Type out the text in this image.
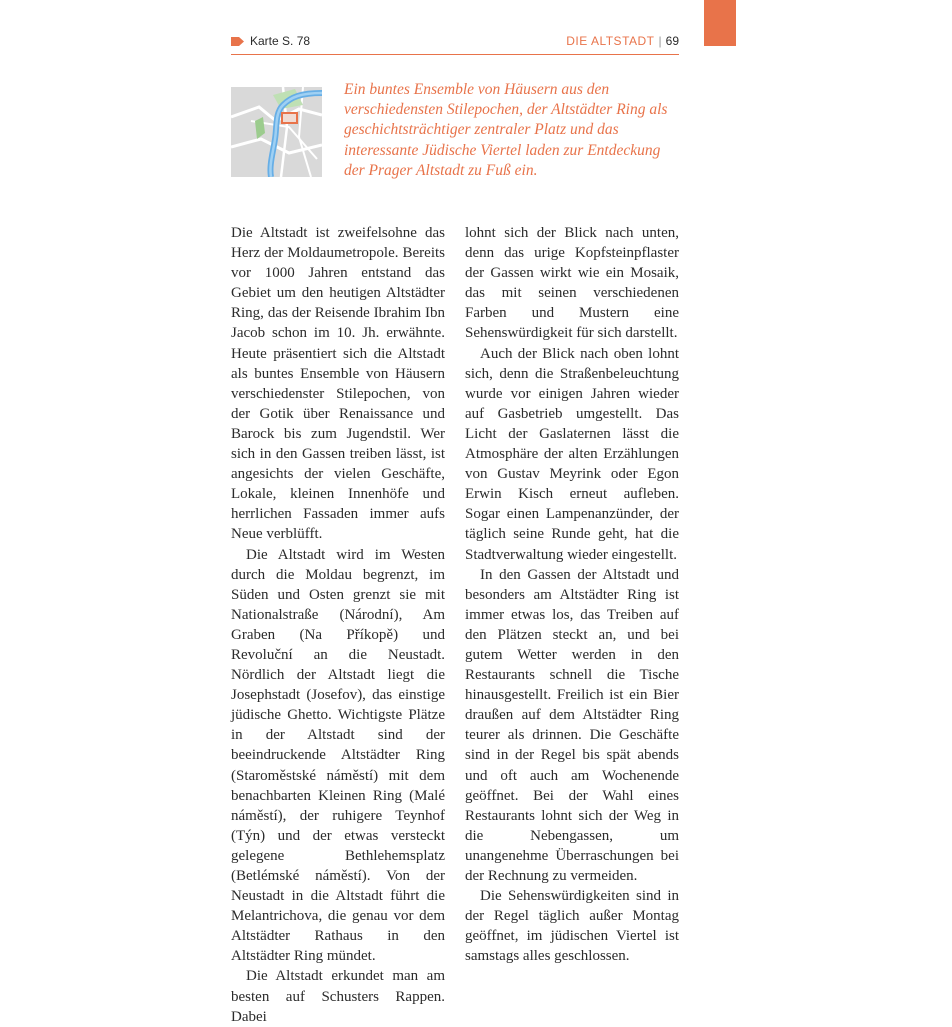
Karte S. 78	DIE ALTSTADT | 69
Ein buntes Ensemble von Häusern aus den verschiedensten Stilepochen, der Altstädter Ring als geschichtsträchtiger zentraler Platz und das interessante Jüdische Viertel laden zur Entdeckung der Prager Altstadt zu Fuß ein.

Die Altstadt ist zweifelsohne das Herz der Moldaumetropole. Bereits vor 1000 Jahren entstand das Gebiet um den heutigen Altstädter Ring, das der Reisende Ibrahim Ibn Jacob schon im 10. Jh. erwähnte. Heute präsentiert sich die Altstadt als buntes Ensemble von Häusern verschiedenster Stilepochen, von der Gotik über Renaissance und Barock bis zum Jugendstil. Wer sich in den Gassen treiben lässt, ist angesichts der vielen Geschäfte, Lokale, kleinen Innenhöfe und herrlichen Fassaden immer aufs Neue verblüfft.

Die Altstadt wird im Westen durch die Moldau begrenzt, im Süden und Osten grenzt sie mit Nationalstraße (Národní), Am Graben (Na Příkopě) und Revoluční an die Neustadt. Nördlich der Altstadt liegt die Josephstadt (Josefov), das einstige jüdische Ghetto. Wichtigste Plätze in der Altstadt sind der beeindruckende Altstädter Ring (Staroměstské náměstí) mit dem benachbarten Kleinen Ring (Malé náměstí), der ruhigere Teynhof (Týn) und der etwas versteckt gelegene Bethlehemsplatz (Betlémské náměstí). Von der Neustadt in die Altstadt führt die Melantrichova, die genau vor dem Altstädter Rathaus in den Altstädter Ring mündet.

Die Altstadt erkundet man am besten auf Schusters Rappen. Dabei

lohnt sich der Blick nach unten, denn das urige Kopfsteinpflaster der Gassen wirkt wie ein Mosaik, das mit seinen verschiedenen Farben und Mustern eine Sehenswürdigkeit für sich darstellt.

Auch der Blick nach oben lohnt sich, denn die Straßenbeleuchtung wurde vor einigen Jahren wieder auf Gasbetrieb umgestellt. Das Licht der Gaslaternen lässt die Atmosphäre der alten Erzählungen von Gustav Meyrink oder Egon Erwin Kisch erneut aufleben. Sogar einen Lampenanzünder, der täglich seine Runde geht, hat die Stadtverwaltung wieder eingestellt.

In den Gassen der Altstadt und besonders am Altstädter Ring ist immer etwas los, das Treiben auf den Plätzen steckt an, und bei gutem Wetter werden in den Restaurants schnell die Tische hinausgestellt. Freilich ist ein Bier draußen auf dem Altstädter Ring teurer als drinnen. Die Geschäfte sind in der Regel bis spät abends und oft auch am Wochenende geöffnet. Bei der Wahl eines Restaurants lohnt sich der Weg in die Nebengassen, um unangenehme Überraschungen bei der Rechnung zu vermeiden.

Die Sehenswürdigkeiten sind in der Regel täglich außer Montag geöffnet, im jüdischen Viertel ist samstags alles geschlossen.
